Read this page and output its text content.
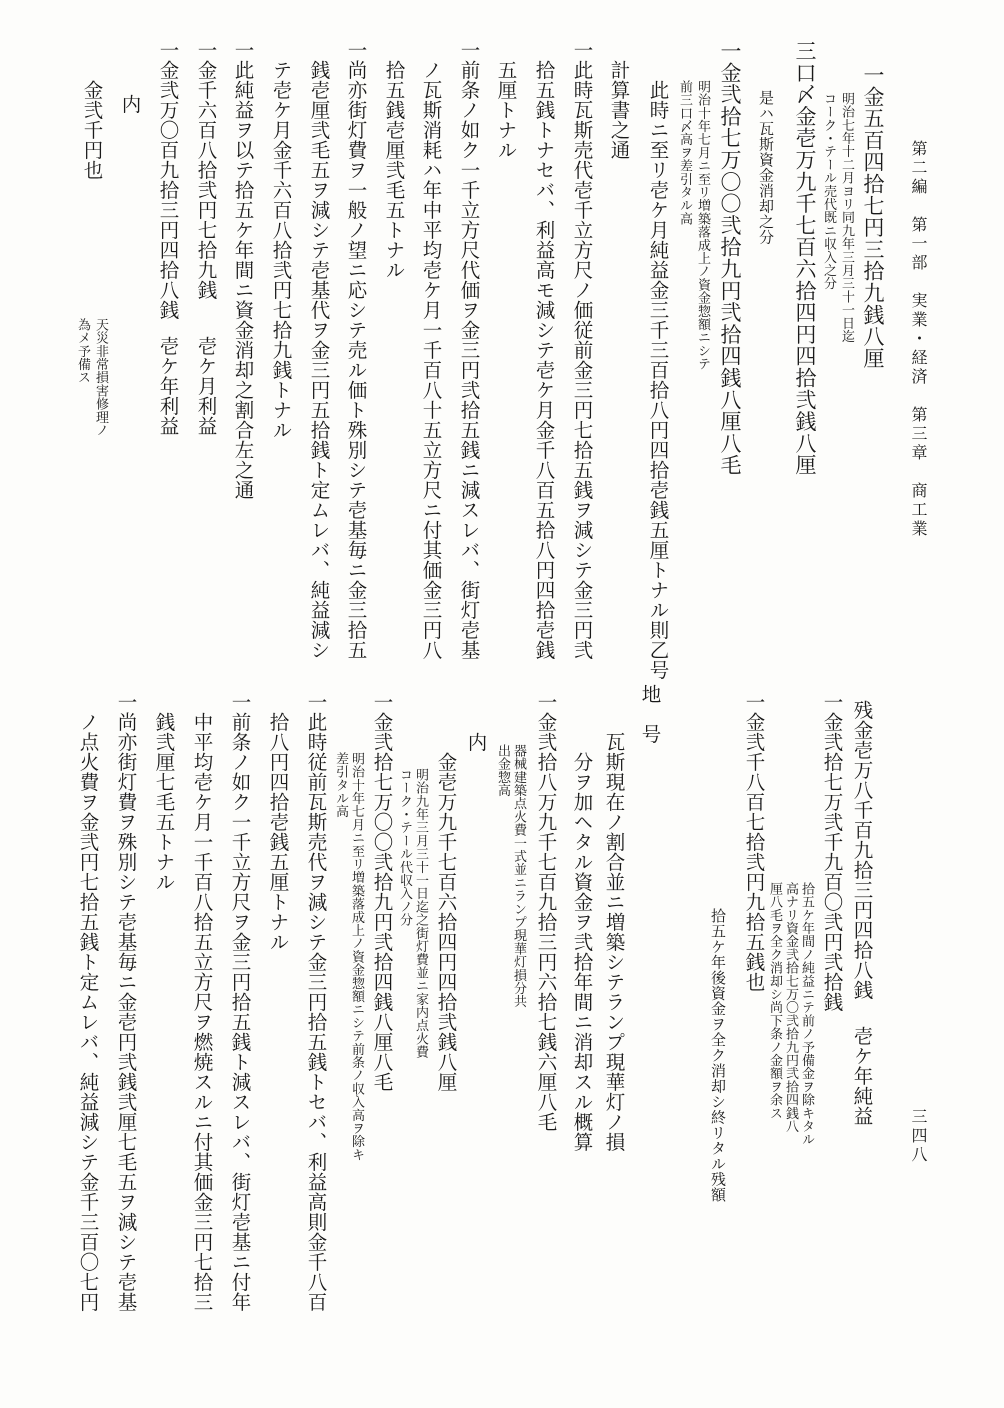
第二編　第一部　実業・経済　第三章　商工業
三四八
一金五百四拾七円三拾九銭八厘
明治七年十二月ヨリ同九年三月三十一日迄
コーク・テール売代既ニ収入之分
三口〆金壱万九千七百六拾四円四拾弐銭八厘
是ハ瓦斯資金消却之分
一金弐拾七万〇〇弐拾九円弐拾四銭八厘八毛
明治十年七月ニ至リ増築落成上ノ資金惣額ニシテ
前三口〆高ヲ差引タル高
此時ニ至リ壱ケ月純益金三千三百拾八円四拾壱銭五厘トナル則乙号
計算書之通
一此時瓦斯売代壱千立方尺ノ価従前金三円七拾五銭ヲ減シテ金三円弐
拾五銭トナセバ、利益高モ減シテ壱ケ月金千八百五拾八円四拾壱銭
五厘トナル
一前条ノ如ク一千立方尺代価ヲ金三円弐拾五銭ニ減スレバ、街灯壱基
ノ瓦斯消耗ハ年中平均壱ケ月一千百八十五立方尺ニ付其価金三円八
拾五銭壱厘弐毛五トナル
一尚亦街灯費ヲ一般ノ望ニ応シテ売ル価ト殊別シテ壱基毎ニ金三拾五
銭壱厘弐毛五ヲ減シテ壱基代ヲ金三円五拾銭ト定ムレバ、純益減シ
テ壱ケ月金千六百八拾弐円七拾九銭トナル
一此純益ヲ以テ拾五ケ年間ニ資金消却之割合左之通
一金千六百八拾弐円七拾九銭
壱ケ月利益
一金弐万〇百九拾三円四拾八銭
壱ケ年利益
内
金弐千円也
天災非常損害修理ノ
為メ予備ス
残金壱万八千百九拾三円四拾八銭
壱ケ年純益
一金弐拾七万弐千九百〇弐円弐拾銭
拾五ケ年間ノ純益ニテ前ノ予備金ヲ除キタル
高ナリ資金弐拾七万〇弐拾九円弐拾四銭八
厘八毛ヲ全ク消却シ尚下条ノ金額ヲ余ス
一金弐千八百七拾弐円九拾五銭也
拾五ケ年後資金ヲ全ク消却シ終リタル残額
地　号
瓦斯現在ノ割合並ニ増築シテランプ現華灯ノ損
分ヲ加ヘタル資金ヲ弐拾年間ニ消却スル概算
一金弐拾八万九千七百九拾三円六拾七銭六厘八毛
器械建築点火費一式並ニランプ現華灯損分共
出金惣高
内
金壱万九千七百六拾四円四拾弐銭八厘
明治九年三月三十一日迄之街灯費並ニ家内点火費
コーク・テール代収入ノ分
一金弐拾七万〇〇弐拾九円弐拾四銭八厘八毛
明治十年七月ニ至リ増築落成上ノ資金惣額ニシテ前条ノ収入高ヲ除キ
差引タル高
一此時従前瓦斯売代ヲ減シテ金三円拾五銭トセバ、利益高則金千八百
拾八円四拾壱銭五厘トナル
一前条ノ如ク一千立方尺ヲ金三円拾五銭ト減スレバ、街灯壱基ニ付年
中平均壱ケ月一千百八拾五立方尺ヲ燃焼スルニ付其価金三円七拾三
銭弐厘七毛五トナル
一尚亦街灯費ヲ殊別シテ壱基毎ニ金壱円弐銭弐厘七毛五ヲ減シテ壱基
ノ点火費ヲ金弐円七拾五銭ト定ムレバ、純益減シテ金千三百〇七円
